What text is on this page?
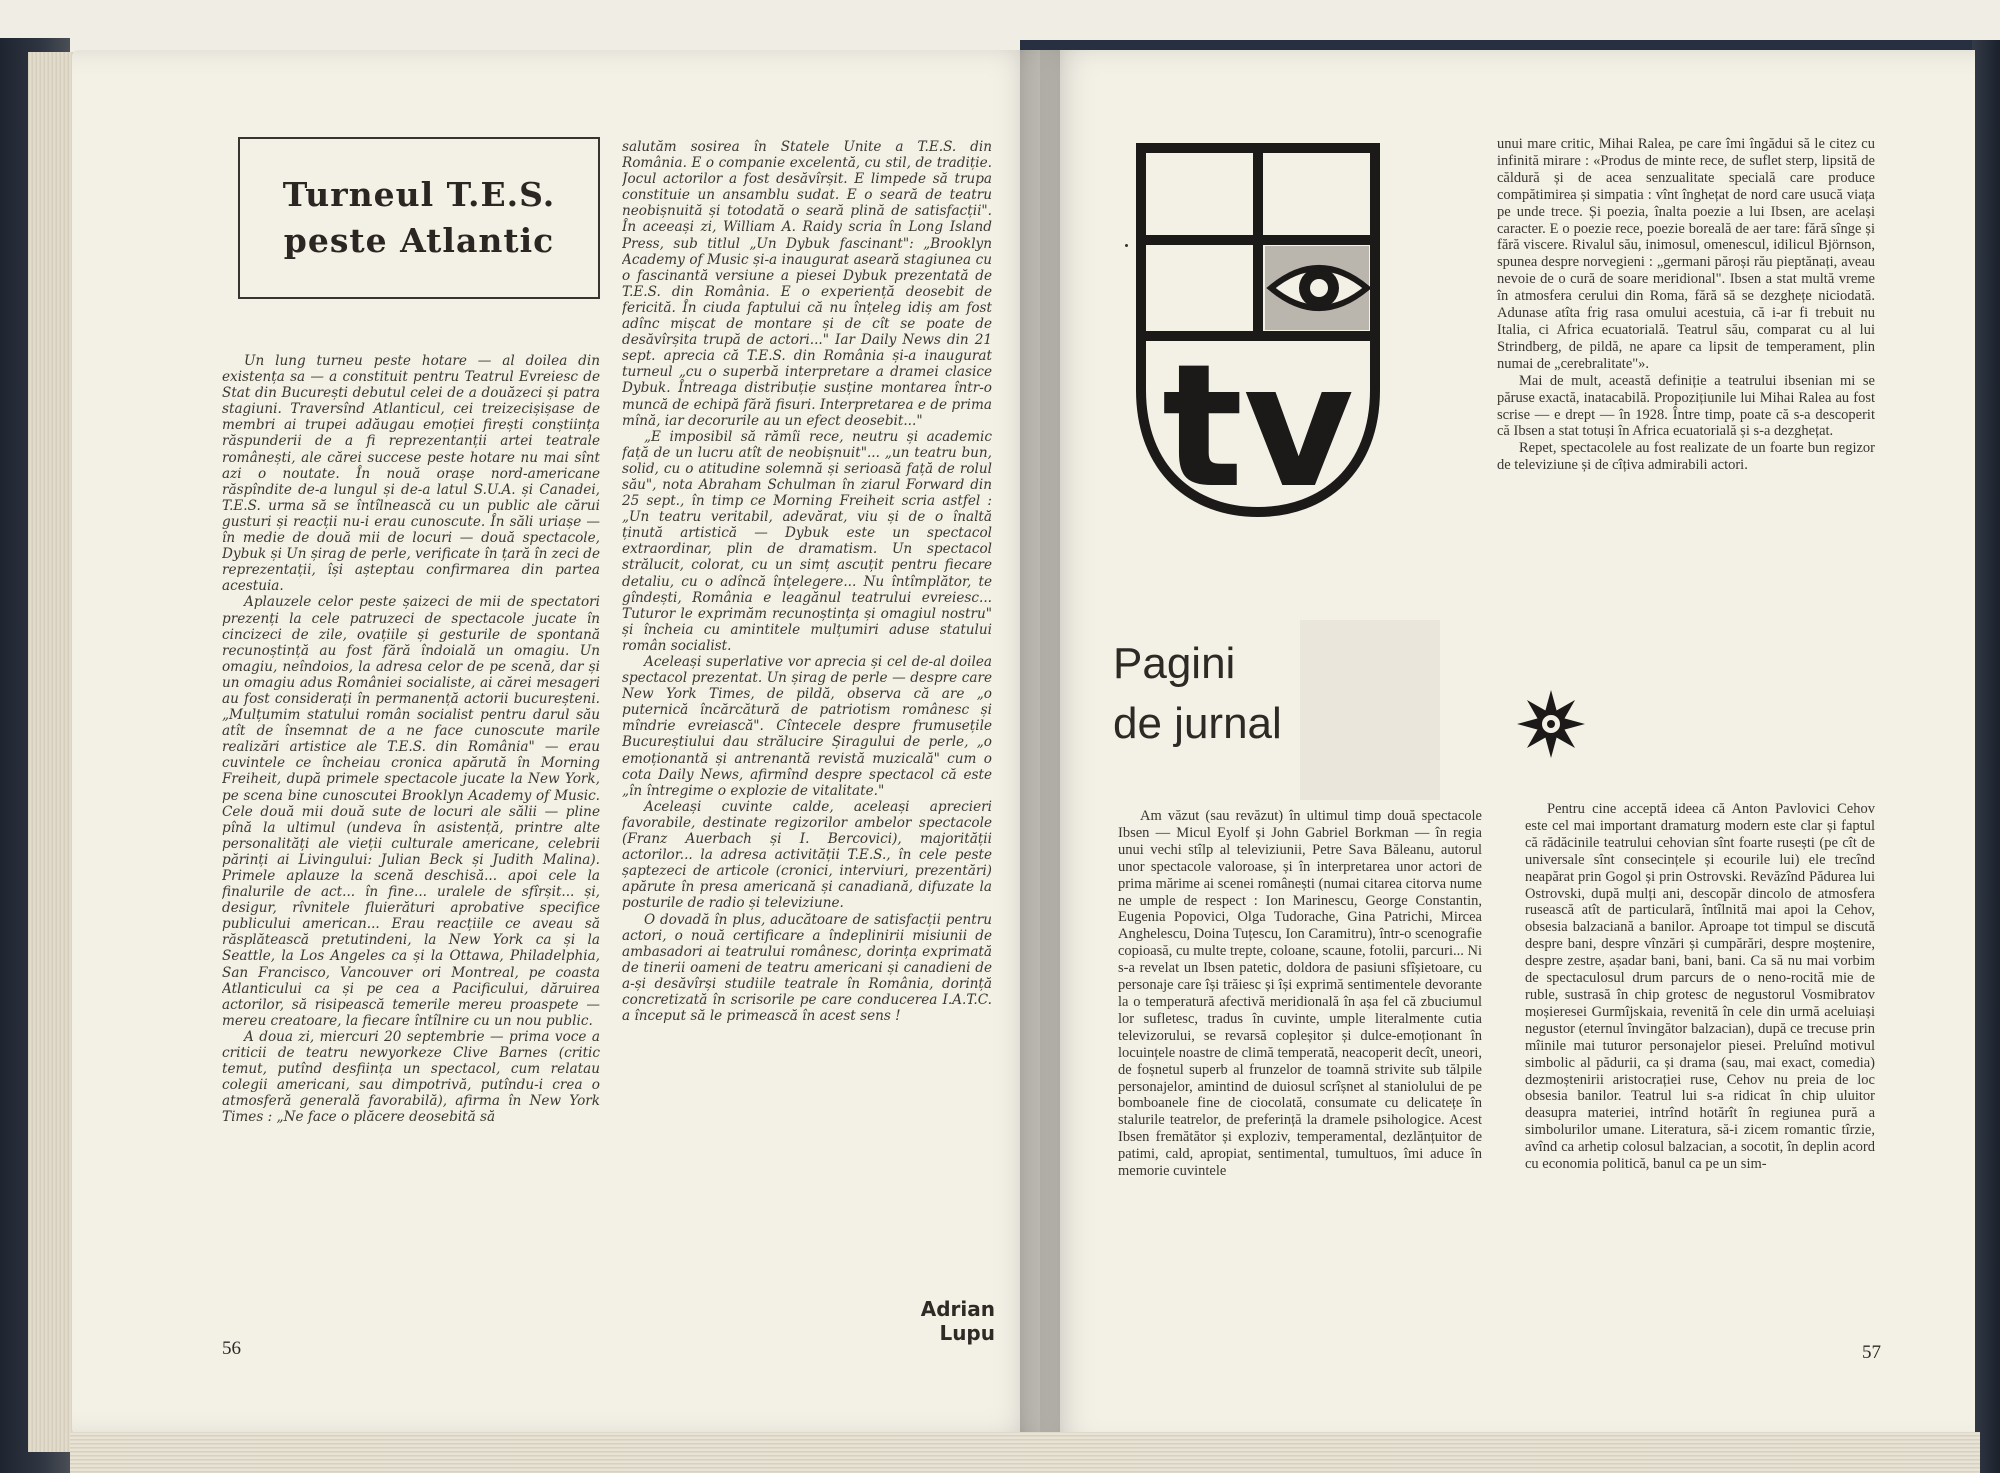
Turneul T.E.S.
peste Atlantic

Un lung turneu peste hotare — al doilea din existența sa — a constituit pentru Teatrul Evreiesc de Stat din București debutul celei de a douăzeci și patra stagiuni. Traversînd Atlanticul, cei treizecișișase de membri ai trupei adăugau emoției firești conștiința răspunderii de a fi reprezentanții artei teatrale românești, ale cărei succese peste hotare nu mai sînt azi o noutate. În nouă orașe nord-americane răspîndite de-a lungul și de-a latul S.U.A. și Canadei, T.E.S. urma să se întîlnească cu un public ale cărui gusturi și reacții nu-i erau cunoscute. În săli uriașe — în medie de două mii de locuri — două spectacole, Dybuk și Un șirag de perle, verificate în țară în zeci de reprezentații, își așteptau confirmarea din partea acestuia.

Aplauzele celor peste șaizeci de mii de spectatori prezenți la cele patruzeci de spectacole jucate în cincizeci de zile, ovațiile și gesturile de spontană recunoștință au fost fără îndoială un omagiu. Un omagiu, neîndoios, la adresa celor de pe scenă, dar și un omagiu adus României socialiste, ai cărei mesageri au fost considerați în permanență actorii bucureșteni. „Mulțumim statului român socialist pentru darul său atît de însemnat de a ne face cunoscute marile realizări artistice ale T.E.S. din România" — erau cuvintele ce încheiau cronica apărută în Morning Freiheit, după primele spectacole jucate la New York, pe scena bine cunoscutei Brooklyn Academy of Music. Cele două mii două sute de locuri ale sălii — pline pînă la ultimul (undeva în asistență, printre alte personalități ale vieții culturale americane, celebrii părinți ai Livingului: Julian Beck și Judith Malina). Primele aplauze la scenă deschisă... apoi cele la finalurile de act... în fine... uralele de sfîrșit... și, desigur, rîvnitele fluierături aprobative specifice publicului american... Erau reacțiile ce aveau să răsplătească pretutindeni, la New York ca și la Seattle, la Los Angeles ca și la Ottawa, Philadelphia, San Francisco, Vancouver ori Montreal, pe coasta Atlanticului ca și pe cea a Pacificului, dăruirea actorilor, să risipească temerile mereu proaspete — mereu creatoare, la fiecare întîlnire cu un nou public.

A doua zi, miercuri 20 septembrie — prima voce a criticii de teatru newyorkeze Clive Barnes (critic temut, putînd desființa un spectacol, cum relatau colegii americani, sau dimpotrivă, putîndu-i crea o atmosferă generală favorabilă), afirma în New York Times : „Ne face o plăcere deosebită să

salutăm sosirea în Statele Unite a T.E.S. din România. E o companie excelentă, cu stil, de tradiție. Jocul actorilor a fost desăvîrșit. E limpede să trupa constituie un ansamblu sudat. E o seară de teatru neobișnuită și totodată o seară plină de satisfacții". În aceeași zi, William A. Raidy scria în Long Island Press, sub titlul „Un Dybuk fascinant": „Brooklyn Academy of Music și-a inaugurat aseară stagiunea cu o fascinantă versiune a piesei Dybuk prezentată de T.E.S. din România. E o experiență deosebit de fericită. În ciuda faptului că nu înțeleg idiș am fost adînc mișcat de montare și de cît se poate de desăvîrșita trupă de actori..." Iar Daily News din 21 sept. aprecia că T.E.S. din România și-a inaugurat turneul „cu o superbă interpretare a dramei clasice Dybuk. Întreaga distribuție susține montarea într-o muncă de echipă fără fisuri. Interpretarea e de prima mînă, iar decorurile au un efect deosebit..."

„E imposibil să rămîi rece, neutru și academic față de un lucru atît de neobișnuit"... „un teatru bun, solid, cu o atitudine solemnă și serioasă față de rolul său", nota Abraham Schulman în ziarul Forward din 25 sept., în timp ce Morning Freiheit scria astfel : „Un teatru veritabil, adevărat, viu și de o înaltă ținută artistică — Dybuk este un spectacol extraordinar, plin de dramatism. Un spectacol strălucit, colorat, cu un simț ascuțit pentru fiecare detaliu, cu o adîncă înțelegere... Nu întîmplător, te gîndești, România e leagănul teatrului evreiesc... Tuturor le exprimăm recunoștința și omagiul nostru" și încheia cu amintitele mulțumiri aduse statului român socialist.

Aceleași superlative vor aprecia și cel de-al doilea spectacol prezentat. Un șirag de perle — despre care New York Times, de pildă, observa că are „o puternică încărcătură de patriotism românesc și mîndrie evreiască". Cîntecele despre frumusețile Bucureștiului dau strălucire Șiragului de perle, „o emoționantă și antrenantă revistă muzicală" cum o cota Daily News, afirmînd despre spectacol că este „în întregime o explozie de vitalitate."

Aceleași cuvinte calde, aceleași aprecieri favorabile, destinate regizorilor ambelor spectacole (Franz Auerbach și I. Bercovici), majorității actorilor... la adresa activității T.E.S., în cele peste șaptezeci de articole (cronici, interviuri, prezentări) apărute în presa americană și canadiană, difuzate la posturile de radio și televiziune.

O dovadă în plus, aducătoare de satisfacții pentru actori, o nouă certificare a îndeplinirii misiunii de ambasadori ai teatrului românesc, dorința exprimată de tinerii oameni de teatru americani și canadieni de a-și desăvîrși studiile teatrale în România, dorință concretizată în scrisorile pe care conducerea I.A.T.C. a început să le primească în acest sens !

Adrian Lupu
56
tv
Pagini
de jurnal

unui mare critic, Mihai Ralea, pe care îmi îngădui să le citez cu infinită mirare : «Produs de minte rece, de suflet sterp, lipsită de căldură și de acea senzualitate specială care produce compătimirea și simpatia : vînt înghețat de nord care usucă viața pe unde trece. Și poezia, înalta poezie a lui Ibsen, are același caracter. E o poezie rece, poezie boreală de aer tare: fără sînge și fără viscere. Rivalul său, inimosul, omenescul, idilicul Björnson, spunea despre norvegieni : „germani păroși rău pieptănați, aveau nevoie de o cură de soare meridional". Ibsen a stat multă vreme în atmosfera cerului din Roma, fără să se dezghețe niciodată. Adunase atîta frig rasa omului acestuia, că i-ar fi trebuit nu Italia, ci Africa ecuatorială. Teatrul său, comparat cu al lui Strindberg, de pildă, ne apare ca lipsit de temperament, plin numai de „cerebralitate"».

Mai de mult, această definiție a teatrului ibsenian mi se păruse exactă, inatacabilă. Propozițiunile lui Mihai Ralea au fost scrise — e drept — în 1928. Între timp, poate că s-a descoperit că Ibsen a stat totuși în Africa ecuatorială și s-a dezghețat.

Repet, spectacolele au fost realizate de un foarte bun regizor de televiziune și de cîțiva admirabili actori.

Am văzut (sau revăzut) în ultimul timp două spectacole Ibsen — Micul Eyolf și John Gabriel Borkman — în regia unui vechi stîlp al televiziunii, Petre Sava Băleanu, autorul unor spectacole valoroase, și în interpretarea unor actori de prima mărime ai scenei românești (numai citarea citorva nume ne umple de respect : Ion Marinescu, George Constantin, Eugenia Popovici, Olga Tudorache, Gina Patrichi, Mircea Anghelescu, Doina Tuțescu, Ion Caramitru), într-o scenografie copioasă, cu multe trepte, coloane, scaune, fotolii, parcuri... Ni s-a revelat un Ibsen patetic, doldora de pasiuni sfîșietoare, cu personaje care își trăiesc și își exprimă sentimentele devorante la o temperatură afectivă meridională în așa fel că zbuciumul lor sufletesc, tradus în cuvinte, umple literalmente cutia televizorului, se revarsă copleșitor și dulce-emoționant în locuințele noastre de climă temperată, neacoperit decît, uneori, de foșnetul superb al frunzelor de toamnă strivite sub tălpile personajelor, amintind de duiosul scrîșnet al staniolului de pe bomboanele fine de ciocolată, consumate cu delicatețe în stalurile teatrelor, de preferință la dramele psihologice. Acest Ibsen fremătător și exploziv, temperamental, dezlănțuitor de patimi, cald, apropiat, sentimental, tumultuos, îmi aduce în memorie cuvintele

Pentru cine acceptă ideea că Anton Pavlovici Cehov este cel mai important dramaturg modern este clar și faptul că rădăcinile teatrului cehovian sînt foarte rusești (pe cît de universale sînt consecințele și ecourile lui) ele trecînd neapărat prin Gogol și prin Ostrovski. Revăzînd Pădurea lui Ostrovski, după mulți ani, descopăr dincolo de atmosfera rusească atît de particulară, întîlnită mai apoi la Cehov, obsesia balzaciană a banilor. Aproape tot timpul se discută despre bani, despre vînzări și cumpărări, despre moștenire, despre zestre, așadar bani, bani, bani. Ca să nu mai vorbim de spectaculosul drum parcurs de o neno-rocită mie de ruble, sustrasă în chip grotesc de negustorul Vosmibratov moșieresei Gurmîjskaia, revenită în cele din urmă aceluiași negustor (eternul învingător balzacian), după ce trecuse prin mîinile mai tuturor personajelor piesei. Preluînd motivul simbolic al pădurii, ca și drama (sau, mai exact, comedia) dezmoștenirii aristocrației ruse, Cehov nu preia de loc obsesia banilor. Teatrul lui s-a ridicat în chip uluitor deasupra materiei, intrînd hotărît în regiunea pură a simbolurilor umane. Literatura, să-i zicem romantic tîrzie, avînd ca arhetip colosul balzacian, a socotit, în deplin acord cu economia politică, banul ca pe un sim-

57
